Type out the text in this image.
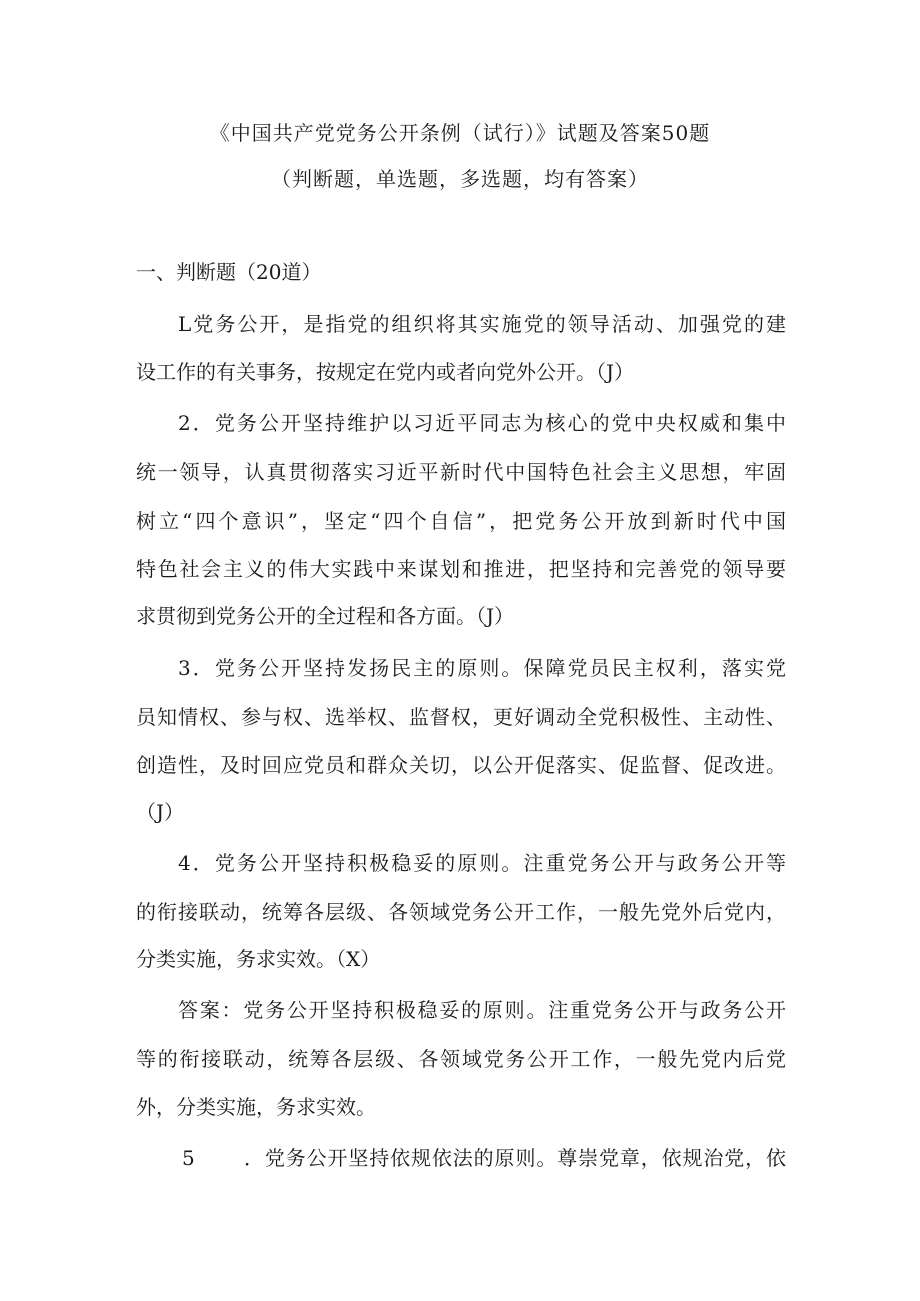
《中国共产党党务公开条例（试行）》试题及答案50题
（判断题，单选题，多选题，均有答案）
一、判断题（20道）
L党务公开，是指党的组织将其实施党的领导活动、加强党的建
设工作的有关事务，按规定在党内或者向党外公开。（J）
2．党务公开坚持维护以习近平同志为核心的党中央权威和集中
统一领导，认真贯彻落实习近平新时代中国特色社会主义思想，牢固
树立“四个意识”，坚定“四个自信”，把党务公开放到新时代中国
特色社会主义的伟大实践中来谋划和推进，把坚持和完善党的领导要
求贯彻到党务公开的全过程和各方面。（J）
3．党务公开坚持发扬民主的原则。保障党员民主权利，落实党
员知情权、参与权、选举权、监督权，更好调动全党积极性、主动性、
创造性，及时回应党员和群众关切，以公开促落实、促监督、促改进。
（J）
4．党务公开坚持积极稳妥的原则。注重党务公开与政务公开等
的衔接联动，统筹各层级、各领域党务公开工作，一般先党外后党内，
分类实施，务求实效。（X）
答案：党务公开坚持积极稳妥的原则。注重党务公开与政务公开
等的衔接联动，统筹各层级、各领域党务公开工作，一般先党内后党
外，分类实施，务求实效。
5 ．党务公开坚持依规依法的原则。尊崇党章，依规治党，依
